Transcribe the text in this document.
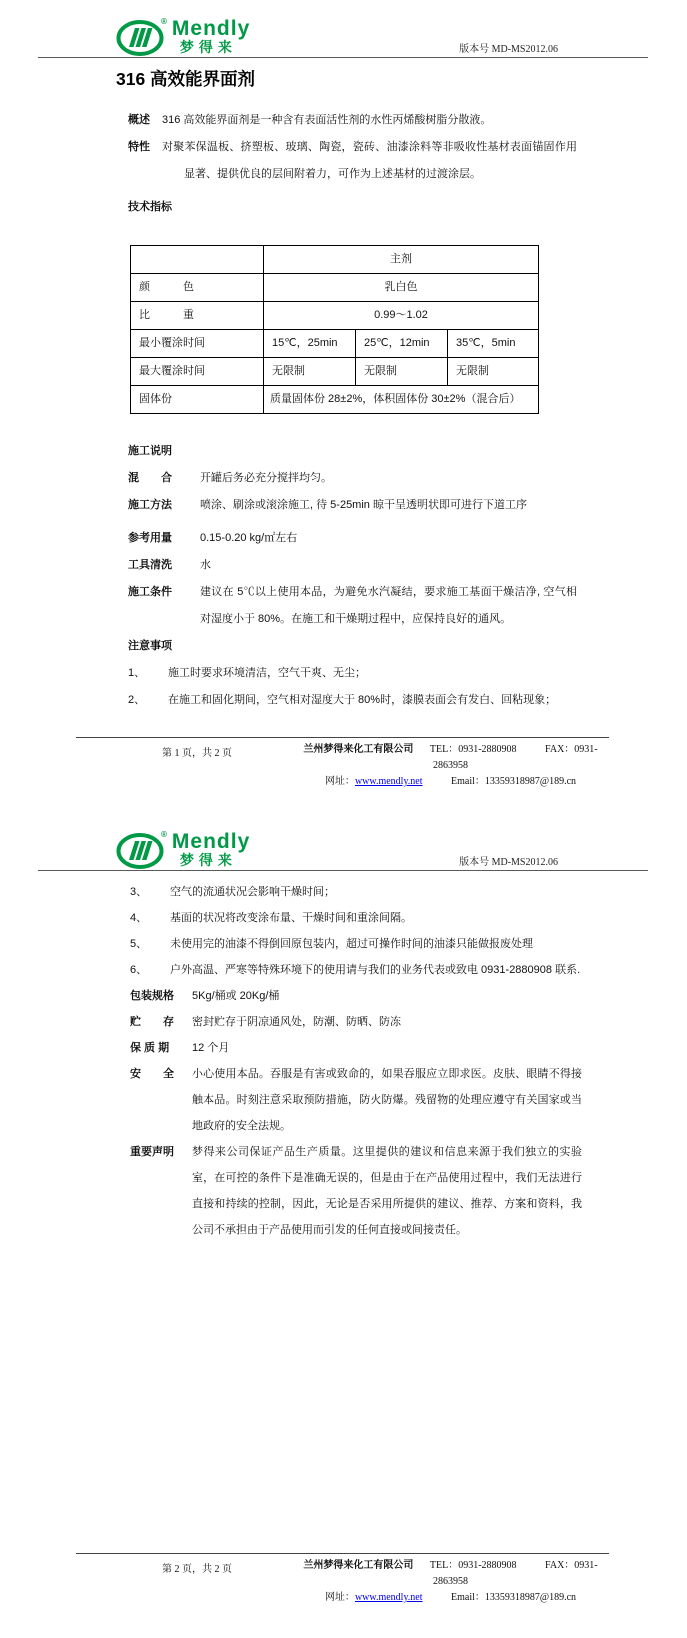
® Mendly
梦得来	版本号 MD-MS2012.06
316 高效能界面剂
概述	316 高效能界面剂是一种含有表面活性剂的水性丙烯酸树脂分散液。
特性	对聚苯保温板、挤塑板、玻璃、陶瓷，瓷砖、油漆涂料等非吸收性基材表面锚固作用显著、提供优良的层间附着力，可作为上述基材的过渡涂层。
技术指标
	主剂		
颜　　　色	乳白色		
比　　　重	0.99～1.02		
最小覆涂时间	15℃，25min	25℃，12min	35℃，5min
最大覆涂时间	无限制	无限制	无限制
固体份	质量固体份 28±2%，体积固体份 30±2%（混合后）		
施工说明
混　　合	开罐后务必充分搅拌均匀。
施工方法	喷涂、刷涂或滚涂施工, 待 5-25min 晾干呈透明状即可进行下道工序
参考用量	0.15-0.20 kg/㎡左右
工具清洗	水
施工条件	建议在 5℃以上使用本品，为避免水汽凝结，要求施工基面干燥洁净, 空气相对湿度小于 80%。在施工和干燥期过程中，应保持良好的通风。
注意事项
1、	施工时要求环境清洁，空气干爽、无尘；
2、	在施工和固化期间，空气相对湿度大于 80%时，漆膜表面会有发白、回粘现象；
第 1 页，共 2 页	兰州梦得来化工有限公司 TEL：0931-2880908	FAX：0931-2863958
网址：www.mendly.net	Email：13359318987@189.cn
® Mendly
梦得来	版本号 MD-MS2012.06
3、	空气的流通状况会影响干燥时间；
4、	基面的状况将改变涂布量、干燥时间和重涂间隔。
5、	未使用完的油漆不得倒回原包装内，超过可操作时间的油漆只能做报废处理
6、	户外高温、严寒等特殊环境下的使用请与我们的业务代表或致电 0931-2880908 联系.
包装规格	5Kg/桶或 20Kg/桶
贮　　存	密封贮存于阴凉通风处，防潮、防晒、防冻
保 质 期	12 个月
安　　全	小心使用本品。吞服是有害或致命的，如果吞服应立即求医。皮肤、眼睛不得接触本品。时刻注意采取预防措施，防火防爆。残留物的处理应遵守有关国家或当地政府的安全法规。
重要声明	梦得来公司保证产品生产质量。这里提供的建议和信息来源于我们独立的实验室，在可控的条件下是准确无误的，但是由于在产品使用过程中，我们无法进行直接和持续的控制，因此，无论是否采用所提供的建议、推荐、方案和资料，我公司不承担由于产品使用而引发的任何直接或间接责任。
第 2 页，共 2 页	兰州梦得来化工有限公司 TEL：0931-2880908	FAX：0931-2863958
网址：www.mendly.net	Email：13359318987@189.cn
